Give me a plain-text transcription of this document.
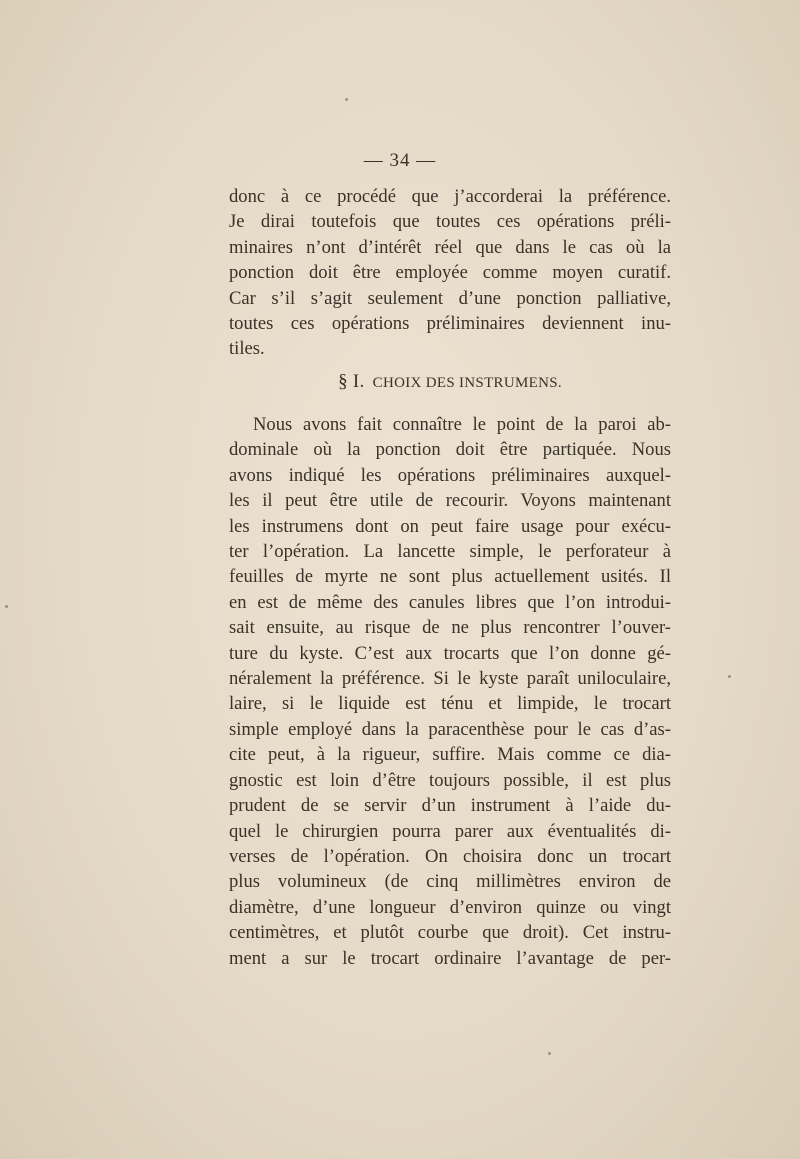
— 34 —
donc à ce procédé que j’accorderai la préférence.
Je dirai toutefois que toutes ces opérations préli-
minaires n’ont d’intérêt réel que dans le cas où la
ponction doit être employée comme moyen curatif.
Car s’il s’agit seulement d’une ponction palliative,
toutes ces opérations préliminaires deviennent inu-
tiles.
§ I. CHOIX DES INSTRUMENS.
Nous avons fait connaître le point de la paroi ab-
dominale où la ponction doit être partiquée. Nous
avons indiqué les opérations préliminaires auxquel-
les il peut être utile de recourir. Voyons maintenant
les instrumens dont on peut faire usage pour exécu-
ter l’opération. La lancette simple, le perforateur à
feuilles de myrte ne sont plus actuellement usités. Il
en est de même des canules libres que l’on introdui-
sait ensuite, au risque de ne plus rencontrer l’ouver-
ture du kyste. C’est aux trocarts que l’on donne gé-
néralement la préférence. Si le kyste paraît uniloculaire,
laire, si le liquide est ténu et limpide, le trocart
simple employé dans la paracenthèse pour le cas d’as-
cite peut, à la rigueur, suffire. Mais comme ce dia-
gnostic est loin d’être toujours possible, il est plus
prudent de se servir d’un instrument à l’aide du-
quel le chirurgien pourra parer aux éventualités di-
verses de l’opération. On choisira donc un trocart
plus volumineux (de cinq millimètres environ de
diamètre, d’une longueur d’environ quinze ou vingt
centimètres, et plutôt courbe que droit). Cet instru-
ment a sur le trocart ordinaire l’avantage de per-
